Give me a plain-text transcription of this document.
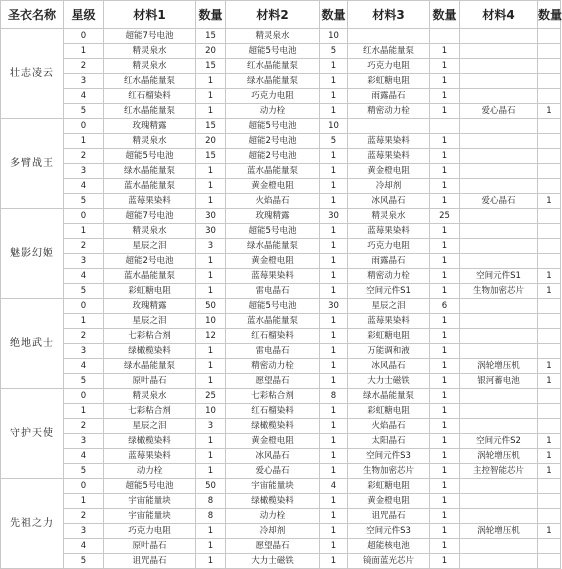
圣衣名称	星级	材料1	数量	材料2	数量	材料3	数量	材料4	数量
壮志凌云	0	超能7号电池	15	精灵泉水	10				
	1	精灵泉水	20	超能5号电池	5	红水晶能量泵	1		
	2	精灵泉水	15	红水晶能量泵	1	巧克力电阻	1		
	3	红水晶能量泵	1	绿水晶能量泵	1	彩虹糖电阻	1		
	4	红石榴染料	1	巧克力电阻	1	雨露晶石	1		
	5	红水晶能量泵	1	动力栓	1	精密动力栓	1	爱心晶石	1
多臂战王	0	玫瑰精露	15	超能5号电池	10				
	1	精灵泉水	20	超能2号电池	5	蓝莓果染料	1		
	2	超能5号电池	15	超能2号电池	1	蓝莓果染料	1		
	3	绿水晶能量泵	1	蓝水晶能量泵	1	黄金橙电阻	1		
	4	蓝水晶能量泵	1	黄金橙电阻	1	冷却剂	1		
	5	蓝莓果染料	1	火焰晶石	1	冰风晶石	1	爱心晶石	1
魅影幻姬	0	超能7号电池	30	玫瑰精露	30	精灵泉水	25		
	1	精灵泉水	30	超能5号电池	1	蓝莓果染料	1		
	2	星辰之泪	3	绿水晶能量泵	1	巧克力电阻	1		
	3	超能2号电池	1	黄金橙电阻	1	雨露晶石	1		
	4	蓝水晶能量泵	1	蓝莓果染料	1	精密动力栓	1	空间元件S1	1
	5	彩虹糖电阻	1	雷电晶石	1	空间元件S1	1	生物加密芯片	1
绝地武士	0	玫瑰精露	50	超能5号电池	30	星辰之泪	6		
	1	星辰之泪	10	蓝水晶能量泵	1	蓝莓果染料	1		
	2	七彩粘合剂	12	红石榴染料	1	彩虹糖电阻	1		
	3	绿橄榄染料	1	雷电晶石	1	万能调和液	1		
	4	绿水晶能量泵	1	精密动力栓	1	冰风晶石	1	涡轮增压机	1
	5	原叶晶石	1	愿望晶石	1	大力士磁铁	1	银河蓄电池	1
守护天使	0	精灵泉水	25	七彩粘合剂	8	绿水晶能量泵	1		
	1	七彩粘合剂	10	红石榴染料	1	彩虹糖电阻	1		
	2	星辰之泪	3	绿橄榄染料	1	火焰晶石	1		
	3	绿橄榄染料	1	黄金橙电阻	1	太阳晶石	1	空间元件S2	1
	4	蓝莓果染料	1	冰风晶石	1	空间元件S3	1	涡轮增压机	1
	5	动力栓	1	爱心晶石	1	生物加密芯片	1	主控智能芯片	1
先祖之力	0	超能5号电池	50	宇宙能量块	4	彩虹糖电阻	1		
	1	宇宙能量块	8	绿橄榄染料	1	黄金橙电阻	1		
	2	宇宙能量块	8	动力栓	1	诅咒晶石	1		
	3	巧克力电阻	1	冷却剂	1	空间元件S3	1	涡轮增压机	1
	4	原叶晶石	1	愿望晶石	1	超能核电池	1		
	5	诅咒晶石	1	大力士磁铁	1	镜面蓝光芯片	1		
